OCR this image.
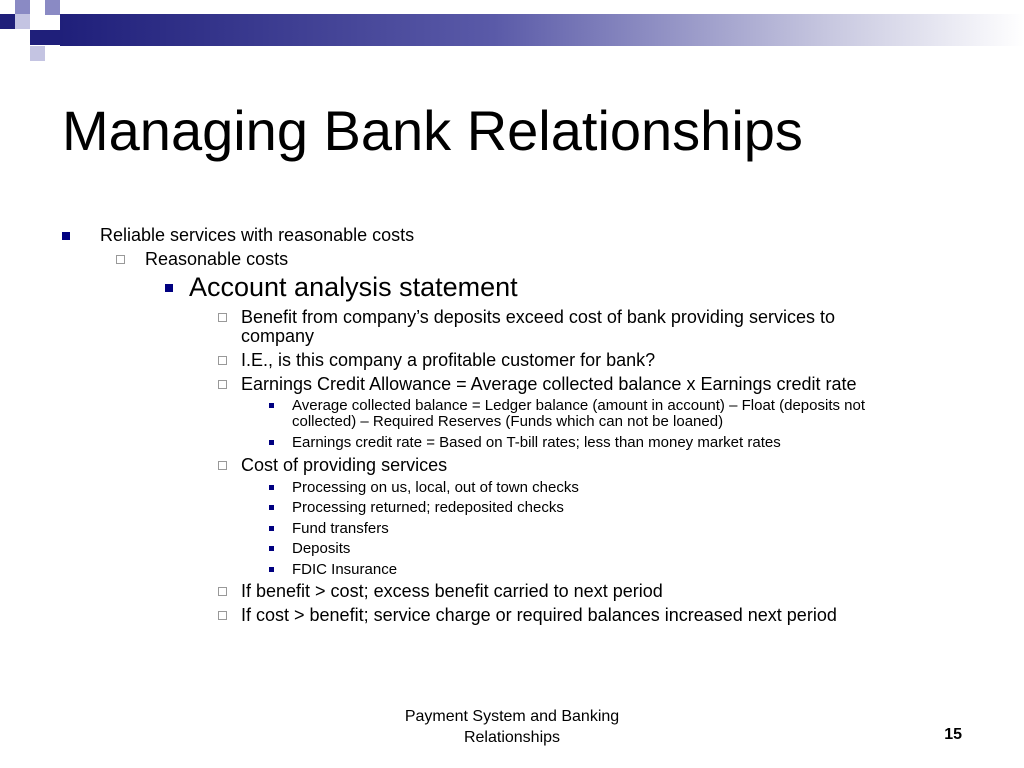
Managing Bank Relationships
Reliable services with reasonable costs
Reasonable costs
Account analysis statement
Benefit from company’s deposits exceed cost of bank providing services to
company
I.E., is this company a profitable customer for bank?
Earnings Credit Allowance = Average collected balance x Earnings credit rate
Average collected balance = Ledger balance (amount in account) – Float (deposits not
collected) – Required Reserves (Funds which can not be loaned)
Earnings credit rate = Based on T-bill rates; less than money market rates
Cost of providing services
Processing on us, local, out of town checks
Processing returned; redeposited checks
Fund transfers
Deposits
FDIC Insurance
If benefit > cost; excess benefit carried to next period
If cost > benefit; service charge or required balances increased next period
Payment System and Banking
Relationships	15
